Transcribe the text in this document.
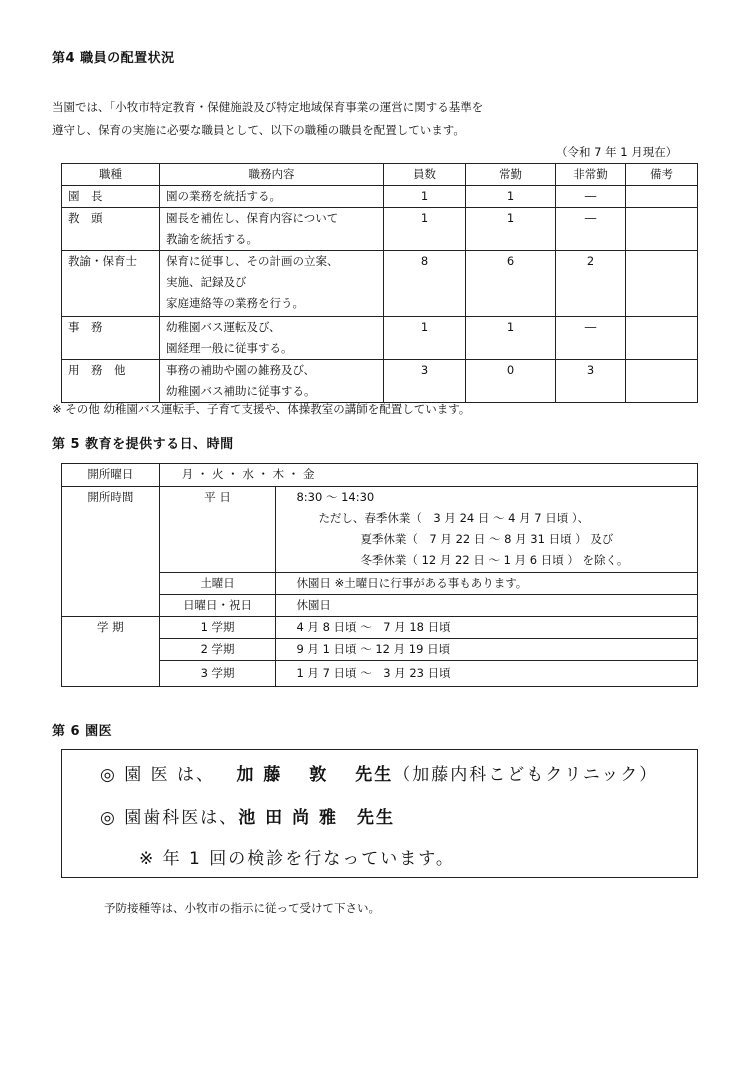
第4 職員の配置状況
当園では、「小牧市特定教育・保健施設及び特定地域保育事業の運営に関する基準を
遵守し、保育の実施に必要な職員として、以下の職種の職員を配置しています。
（令和 7 年 1 月現在）
職種	職務内容	員数	常勤	非常勤	備考
園　長	園の業務を統括する。	1	1	―	
教　頭	園長を補佐し、保育内容について
教諭を統括する。	1	1	―	
教諭・保育士	保育に従事し、その計画の立案、
実施、記録及び
家庭連絡等の業務を行う。	8	6	2	
事　務	幼稚園バス運転及び、
園経理一般に従事する。	1	1	―	
用　務　他	事務の補助や園の雑務及び、
幼稚園バス補助に従事する。	3	0	3	
※ その他 幼稚園バス運転手、子育て支援や、体操教室の講師を配置しています。
第 5 教育を提供する日、時間
開所曜日	月 ・ 火 ・ 水 ・ 木 ・ 金	
開所時間	平 日	8:30 ～ 14:30
ただし、春季休業（　3 月 24 日 ～ 4 月 7 日頃 ）、
夏季休業（　7 月 22 日 ～ 8 月 31 日頃 ） 及び
冬季休業（ 12 月 22 日 ～ 1 月 6 日頃 ） を除く。

	土曜日	休園日 ※土曜日に行事がある事もあります。
	日曜日・祝日	休園日
学 期	1 学期	4 月 8 日頃 ～　7 月 18 日頃
	2 学期	9 月 1 日頃 ～ 12 月 19 日頃
	3 学期	1 月 7 日頃 ～　3 月 23 日頃
第 6 園医
◎ 園 医 は、 加 藤　 敦　 先生（加藤内科こどもクリニック）
◎ 園歯科医は、池 田 尚 雅　先生
※ 年 1 回の検診を行なっています。
予防接種等は、小牧市の指示に従って受けて下さい。
